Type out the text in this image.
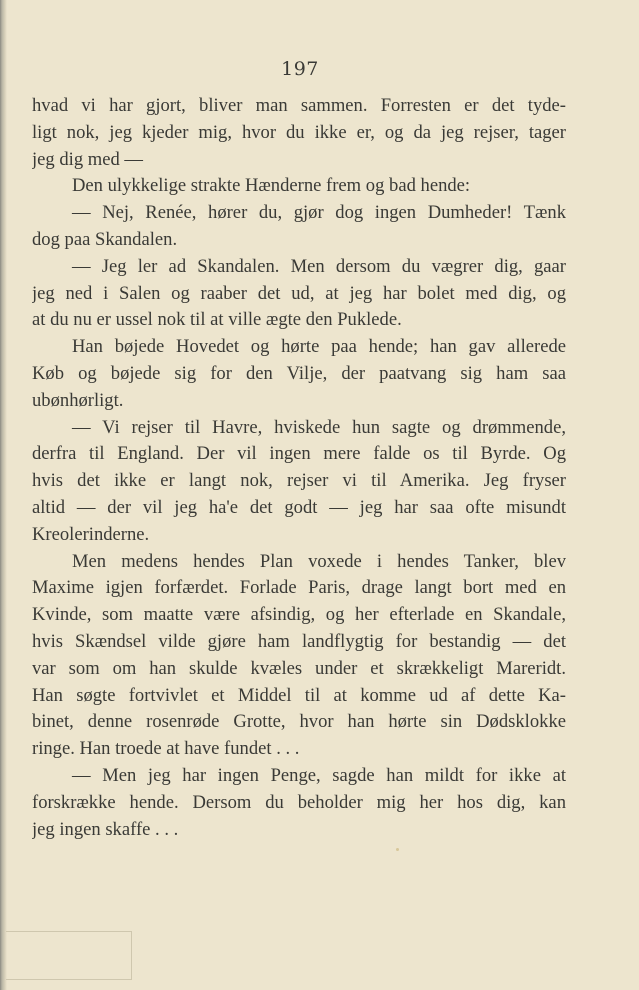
197
hvad vi har gjort, bliver man sammen. Forresten er det tyde-
ligt nok, jeg kjeder mig, hvor du ikke er, og da jeg rejser, tager
jeg dig med —
Den ulykkelige strakte Hænderne frem og bad hende:
— Nej, Renée, hører du, gjør dog ingen Dumheder! Tænk
dog paa Skandalen.
— Jeg ler ad Skandalen. Men dersom du vægrer dig, gaar
jeg ned i Salen og raaber det ud, at jeg har bolet med dig, og
at du nu er ussel nok til at ville ægte den Puklede.
Han bøjede Hovedet og hørte paa hende; han gav allerede
Køb og bøjede sig for den Vilje, der paatvang sig ham saa
ubønhørligt.
— Vi rejser til Havre, hviskede hun sagte og drømmende,
derfra til England. Der vil ingen mere falde os til Byrde. Og
hvis det ikke er langt nok, rejser vi til Amerika. Jeg fryser
altid — der vil jeg ha'e det godt — jeg har saa ofte misundt
Kreolerinderne.
Men medens hendes Plan voxede i hendes Tanker, blev
Maxime igjen forfærdet. Forlade Paris, drage langt bort med en
Kvinde, som maatte være afsindig, og her efterlade en Skandale,
hvis Skændsel vilde gjøre ham landflygtig for bestandig — det
var som om han skulde kvæles under et skrækkeligt Mareridt.
Han søgte fortvivlet et Middel til at komme ud af dette Ka-
binet, denne rosenrøde Grotte, hvor han hørte sin Dødsklokke
ringe. Han troede at have fundet . . .
— Men jeg har ingen Penge, sagde han mildt for ikke at
forskrække hende. Dersom du beholder mig her hos dig, kan
jeg ingen skaffe . . .
